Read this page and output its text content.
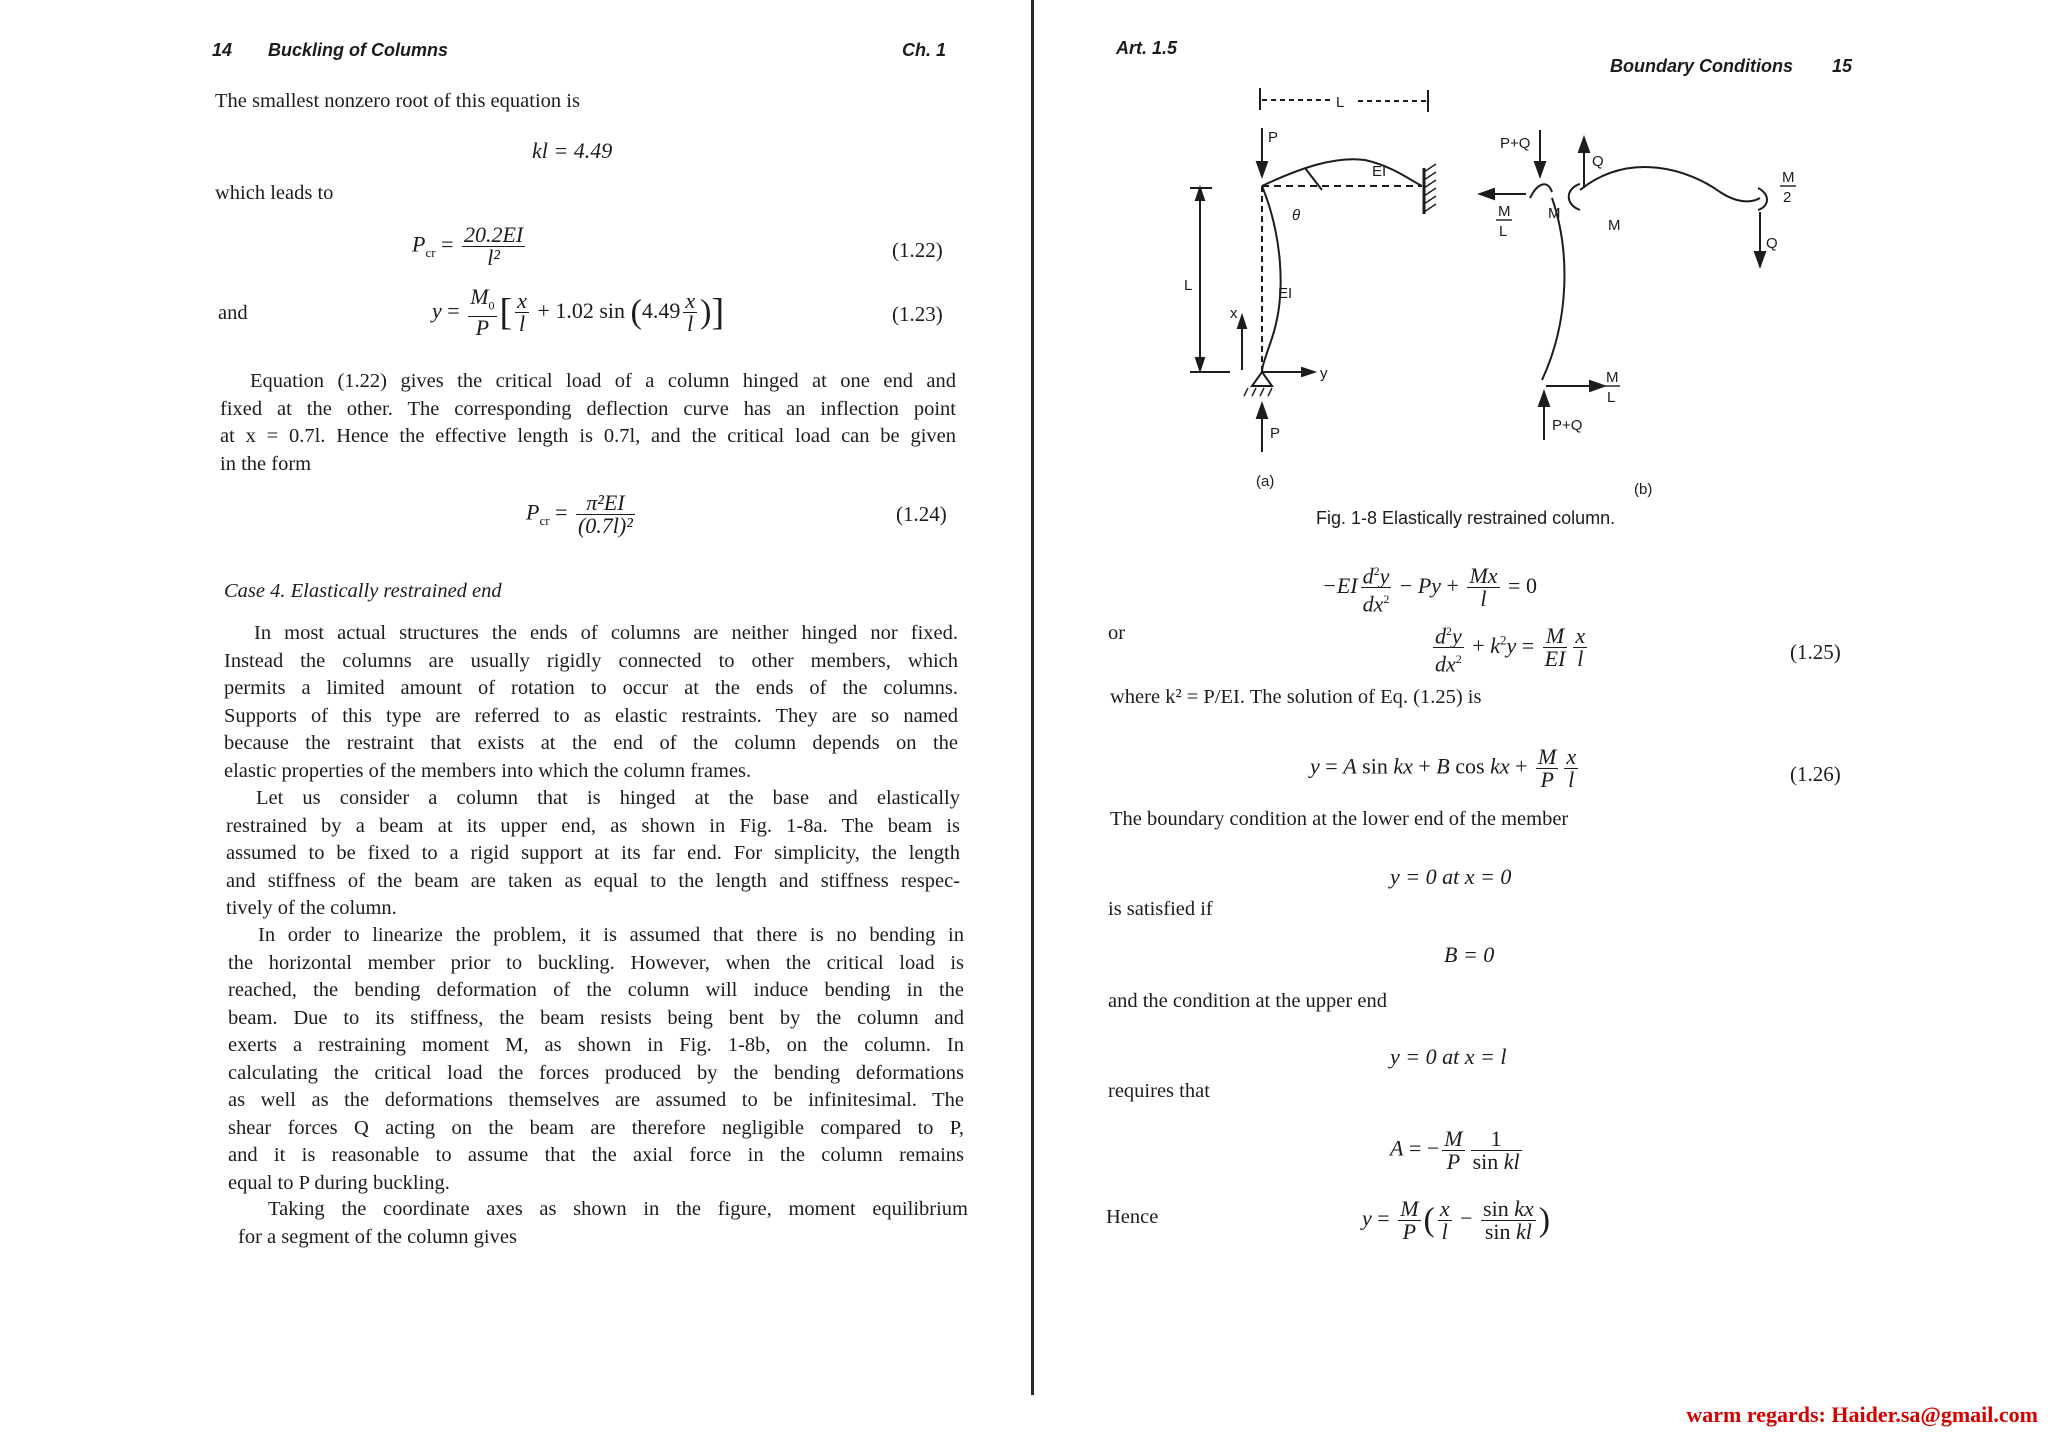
14 Buckling of Columns	Ch. 1
The smallest nonzero root of this equation is
kl = 4.49
which leads to
$P_{cr} = \frac{20.2EI}{\text{l²}}$	(1.22)
and	$y = \frac{M_0}{P}$ [ $\frac{x}{l} + 1.02$ $\sin (4.49 \frac{x}{l}$ )]	(1.23)
Equation (1.22) gives the critical load of a column hinged at one end and
fixed at the other. The corresponding deflection curve has an inflection point
at x = 0.7l. Hence the effective length is 0.7l, and the critical load can be given
in the form
$P_{cr} = \frac{\text{π²EI}}{\text{(0.7l)²}}$	(1.24)
Case 4. Elastically restrained end
In most actual structures the ends of columns are neither hinged nor fixed.
Instead the columns are usually rigidly connected to other members, which
permits a limited amount of rotation to occur at the ends of the columns.
Supports of this type are referred to as elastic restraints. They are so named
because the restraint that exists at the end of the column depends on the
elastic properties of the members into which the column frames.
Let us consider a column that is hinged at the base and elastically
restrained by a beam at its upper end, as shown in Fig. 1-8a. The beam is
assumed to be fixed to a rigid support at its far end. For simplicity, the length
and stiffness of the beam are taken as equal to the length and stiffness respec-
tively of the column.
In order to linearize the problem, it is assumed that there is no bending in
the horizontal member prior to buckling. However, when the critical load is
reached, the bending deformation of the column will induce bending in the
beam. Due to its stiffness, the beam resists being bent by the column and
exerts a restraining moment M, as shown in Fig. 1-8b, on the column. In
calculating the critical load the forces produced by the bending deformations
as well as the deformations themselves are assumed to be infinitesimal. The
shear forces Q acting on the beam are therefore negligible compared to P,
and it is reasonable to assume that the axial force in the column remains
equal to P during buckling.
Taking the coordinate axes as shown in the figure, moment equilibrium
for a segment of the column gives
Art. 1.5
Boundary Conditions 15
L
P
EI
θ
EI
L
x
y
P
P+Q
Q
M
L
M
M
M
2
Q
M
L
P+Q
(a)	(b)
Fig. 1-8 Elastically restrained column.
$-EI \frac{d^2y}{dx^2} - Py + \frac{Mx}{l} = 0$
or	$\frac{d^2y}{dx^2} + k^2y = \frac{M}{EI} \frac{x}{l}$	(1.25)
where k² = P/EI. The solution of Eq. (1.25) is
y = A sin kx + B cos kx + $\frac{M}{P} \frac{x}{l}$	(1.26)
The boundary condition at the lower end of the member
y = 0 at x = 0
is satisfied if
B = 0
and the condition at the upper end
y = 0 at x = l
requires that
A = − $\frac{M}{P} \frac{1}{\text{sin kl}}$
Hence	$y = \frac{M}{P}$ ( $\frac{x}{l} - \frac{\text{sin kx}}{\text{sin kl}}$ )
warm regards: Haider.sa@gmail.com
